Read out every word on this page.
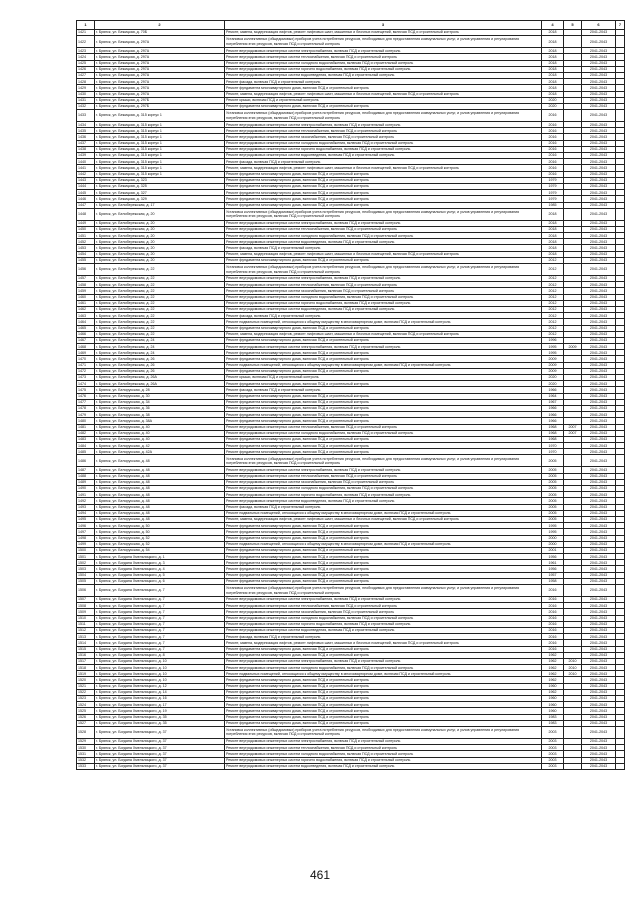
1	2	3	4	5	6	7
1421	г. Брянск, ул. Бежицкая, д. 70Б	Ремонт, замена, модернизация лифтов, ремонт лифтовых шахт, машинных и блочных помещений, включая ПСД и строительный контроль	2018		2041-2043	
1422	г. Брянск, ул. Бежицкая, д. 297А	Установка коллективных (общедомовых) приборов учета потребления ресурсов, необходимых для предоставления коммунальных услуг, и узлов управления и регулирования потребления этих ресурсов, включая ПСД и строительный контроль	2018		2041-2043	
1423	г. Брянск, ул. Бежицкая, д. 297А	Ремонт внутридомовых инженерных систем электроснабжения, включая ПСД и строительный контроль	2018		2041-2043	
1424	г. Брянск, ул. Бежицкая, д. 297А	Ремонт внутридомовых инженерных систем теплоснабжения, включая ПСД и строительный контроль	2018		2041-2043	
1425	г. Брянск, ул. Бежицкая, д. 297А	Ремонт внутридомовых инженерных систем холодного водоснабжения, включая ПСД и строительный контроль	2018		2041-2043	
1426	г. Брянск, ул. Бежицкая, д. 297А	Ремонт внутридомовых инженерных систем горячего водоснабжения, включая ПСД и строительный контроль	2018		2041-2043	
1427	г. Брянск, ул. Бежицкая, д. 297А	Ремонт внутридомовых инженерных систем водоотведения, включая ПСД и строительный контроль	2018		2041-2043	
1428	г. Брянск, ул. Бежицкая, д. 297А	Ремонт фасада, включая ПСД и строительный контроль	2018		2041-2043	
1429	г. Брянск, ул. Бежицкая, д. 297А	Ремонт фундамента многоквартирного дома, включая ПСД и строительный контроль	2018		2041-2043	
1430	г. Брянск, ул. Бежицкая, д. 297А	Ремонт, замена, модернизация лифтов, ремонт лифтовых шахт, машинных и блочных помещений, включая ПСД и строительный контроль	2018		2041-2043	
1431	г. Брянск, ул. Бежицкая, д. 297Б	Ремонт крыши, включая ПСД и строительный контроль	2020		2041-2043	
1432	г. Брянск, ул. Бежицкая, д. 297Б	Ремонт фундамента многоквартирного дома, включая ПСД и строительный контроль	2020		2041-2043	
1433	г. Брянск, ул. Бежицкая, д. 315 корпус 1	Установка коллективных (общедомовых) приборов учета потребления ресурсов, необходимых для предоставления коммунальных услуг, и узлов управления и регулирования потребления этих ресурсов, включая ПСД и строительный контроль	2016		2041-2043	
1434	г. Брянск, ул. Бежицкая, д. 315 корпус 1	Ремонт внутридомовых инженерных систем электроснабжения, включая ПСД и строительный контроль	2016		2041-2043	
1435	г. Брянск, ул. Бежицкая, д. 315 корпус 1	Ремонт внутридомовых инженерных систем теплоснабжения, включая ПСД и строительный контроль	2016		2041-2043	
1436	г. Брянск, ул. Бежицкая, д. 315 корпус 1	Ремонт внутридомовых инженерных систем газоснабжения, включая ПСД и строительный контроль	2016		2041-2043	
1437	г. Брянск, ул. Бежицкая, д. 315 корпус 1	Ремонт внутридомовых инженерных систем холодного водоснабжения, включая ПСД и строительный контроль	2016		2041-2043	
1438	г. Брянск, ул. Бежицкая, д. 315 корпус 1	Ремонт внутридомовых инженерных систем горячего водоснабжения, включая ПСД и строительный контроль	2016		2041-2043	
1439	г. Брянск, ул. Бежицкая, д. 315 корпус 1	Ремонт внутридомовых инженерных систем водоотведения, включая ПСД и строительный контроль	2016		2041-2043	
1440	г. Брянск, ул. Бежицкая, д. 315 корпус 1	Ремонт фасада, включая ПСД и строительный контроль	2016		2041-2043	
1441	г. Брянск, ул. Бежицкая, д. 315 корпус 1	Ремонт, замена, модернизация лифтов, ремонт лифтовых шахт, машинных и блочных помещений, включая ПСД и строительный контроль	2016		2041-2043	
1442	г. Брянск, ул. Бежицкая, д. 315 корпус 1	Ремонт фундамента многоквартирного дома, включая ПСД и строительный контроль	2016		2041-2043	
1443	г. Брянск, ул. Бежицкая, д. 323	Ремонт фундамента многоквартирного дома, включая ПСД и строительный контроль	1979		2041-2043	
1444	г. Брянск, ул. Бежицкая, д. 325	Ремонт фундамента многоквартирного дома, включая ПСД и строительный контроль	1979		2041-2043	
1445	г. Брянск, ул. Бежицкая, д. 327	Ремонт фундамента многоквартирного дома, включая ПСД и строительный контроль	1979		2041-2043	
1446	г. Брянск, ул. Бежицкая, д. 329	Ремонт фундамента многоквартирного дома, включая ПСД и строительный контроль	1979		2041-2043	
1447	г. Брянск, ул. Белобережская, д. 17	Ремонт фундамента многоквартирного дома, включая ПСД и строительный контроль	1985		2041-2043	
1448	г. Брянск, ул. Белобережская, д. 20	Установка коллективных (общедомовых) приборов учета потребления ресурсов, необходимых для предоставления коммунальных услуг, и узлов управления и регулирования потребления этих ресурсов, включая ПСД и строительный контроль	2018		2041-2043	
1449	г. Брянск, ул. Белобережская, д. 20	Ремонт внутридомовых инженерных систем электроснабжения, включая ПСД и строительный контроль	2018		2041-2043	
1450	г. Брянск, ул. Белобережская, д. 20	Ремонт внутридомовых инженерных систем теплоснабжения, включая ПСД и строительный контроль	2018		2041-2043	
1451	г. Брянск, ул. Белобережская, д. 20	Ремонт внутридомовых инженерных систем холодного водоснабжения, включая ПСД и строительный контроль	2018		2041-2043	
1452	г. Брянск, ул. Белобережская, д. 20	Ремонт внутридомовых инженерных систем водоотведения, включая ПСД и строительный контроль	2018		2041-2043	
1453	г. Брянск, ул. Белобережская, д. 20	Ремонт фасада, включая ПСД и строительный контроль	2018		2041-2043	
1454	г. Брянск, ул. Белобережская, д. 20	Ремонт, замена, модернизация лифтов, ремонт лифтовых шахт, машинных и блочных помещений, включая ПСД и строительный контроль	2018		2041-2043	
1455	г. Брянск, ул. Белобережская, д. 20	Ремонт фундамента многоквартирного дома, включая ПСД и строительный контроль	2012		2041-2043	
1456	г. Брянск, ул. Белобережская, д. 22	Установка коллективных (общедомовых) приборов учета потребления ресурсов, необходимых для предоставления коммунальных услуг, и узлов управления и регулирования потребления этих ресурсов, включая ПСД и строительный контроль	2012		2041-2043	
1457	г. Брянск, ул. Белобережская, д. 22	Ремонт внутридомовых инженерных систем электроснабжения, включая ПСД и строительный контроль	2012		2041-2043	
1458	г. Брянск, ул. Белобережская, д. 22	Ремонт внутридомовых инженерных систем теплоснабжения, включая ПСД и строительный контроль	2012		2041-2043	
1459	г. Брянск, ул. Белобережская, д. 22	Ремонт внутридомовых инженерных систем газоснабжения, включая ПСД и строительный контроль	2012		2041-2043	
1460	г. Брянск, ул. Белобережская, д. 22	Ремонт внутридомовых инженерных систем холодного водоснабжения, включая ПСД и строительный контроль	2012		2041-2043	
1461	г. Брянск, ул. Белобережская, д. 22	Ремонт внутридомовых инженерных систем горячего водоснабжения, включая ПСД и строительный контроль	2012		2041-2043	
1462	г. Брянск, ул. Белобережская, д. 22	Ремонт внутридомовых инженерных систем водоотведения, включая ПСД и строительный контроль	2012		2041-2043	
1463	г. Брянск, ул. Белобережская, д. 22	Ремонт фасада, включая ПСД и строительный контроль	2012		2041-2043	
1464	г. Брянск, ул. Белобережская, д. 22	Ремонт подвальных помещений, относящихся к общему имуществу в многоквартирном доме, включая ПСД и строительный контроль	2012		2041-2043	
1465	г. Брянск, ул. Белобережская, д. 22	Ремонт фундамента многоквартирного дома, включая ПСД и строительный контроль	2012		2041-2043	
1466	г. Брянск, ул. Белобережская, д. 22	Ремонт, замена, модернизация лифтов, ремонт лифтовых шахт, машинных и блочных помещений, включая ПСД и строительный контроль	2012		2041-2043	
1467	г. Брянск, ул. Белобережская, д. 24	Ремонт фундамента многоквартирного дома, включая ПСД и строительный контроль	1996		2041-2043	
1468	г. Брянск, ул. Белобережская, д. 24	Ремонт внутридомовых инженерных систем электроснабжения, включая ПСД и строительный контроль	1995	2009	2041-2043	
1469	г. Брянск, ул. Белобережская, д. 24	Ремонт фундамента многоквартирного дома, включая ПСД и строительный контроль	1995		2041-2043	
1470	г. Брянск, ул. Белобережская, д. 26	Ремонт фундамента многоквартирного дома, включая ПСД и строительный контроль	2009		2041-2043	
1471	г. Брянск, ул. Белобережская, д. 26	Ремонт подвальных помещений, относящихся к общему имуществу в многоквартирном доме, включая ПСД и строительный контроль	2009		2041-2043	
1472	г. Брянск, ул. Белобережская, д. 26	Ремонт фундамента многоквартирного дома, включая ПСД и строительный контроль	2009		2041-2043	
1473	г. Брянск, ул. Белобережская, д. 26А	Ремонт крыши, включая ПСД и строительный контроль	2020		2041-2043	
1474	г. Брянск, ул. Белобережская, д. 26А	Ремонт фундамента многоквартирного дома, включая ПСД и строительный контроль	2020		2041-2043	
1475	г. Брянск, ул. Белорусская, д. 28	Ремонт фасада, включая ПСД и строительный контроль	1966		2041-2043	
1476	г. Брянск, ул. Белорусская, д. 30	Ремонт фундамента многоквартирного дома, включая ПСД и строительный контроль	1964		2041-2043	
1477	г. Брянск, ул. Белорусская, д. 34	Ремонт фундамента многоквартирного дома, включая ПСД и строительный контроль	1967		2041-2043	
1478	г. Брянск, ул. Белорусская, д. 36	Ремонт фундамента многоквартирного дома, включая ПСД и строительный контроль	1966		2041-2043	
1479	г. Брянск, ул. Белорусская, д. 38	Ремонт фундамента многоквартирного дома, включая ПСД и строительный контроль	1966		2041-2043	
1480	г. Брянск, ул. Белорусская, д. 38А	Ремонт фундамента многоквартирного дома, включая ПСД и строительный контроль	1966		2041-2043	
1481	г. Брянск, ул. Белорусская, д. 40	Ремонт внутридомовых инженерных систем теплоснабжения, включая ПСД и строительный контроль	1968	2007	2041-2043	
1482	г. Брянск, ул. Белорусская, д. 40	Ремонт внутридомовых инженерных систем холодного водоснабжения, включая ПСД и строительный контроль	1968	2007	2041-2043	
1483	г. Брянск, ул. Белорусская, д. 40	Ремонт фундамента многоквартирного дома, включая ПСД и строительный контроль	1968		2041-2043	
1484	г. Брянск, ул. Белорусская, д. 42	Ремонт фундамента многоквартирного дома, включая ПСД и строительный контроль	1970		2041-2043	
1485	г. Брянск, ул. Белорусская, д. 42А	Ремонт фундамента многоквартирного дома, включая ПСД и строительный контроль	1970		2041-2043	
1486	г. Брянск, ул. Белорусская, д. 48	Установка коллективных (общедомовых) приборов учета потребления ресурсов, необходимых для предоставления коммунальных услуг, и узлов управления и регулирования потребления этих ресурсов, включая ПСД и строительный контроль	2005		2041-2043	
1487	г. Брянск, ул. Белорусская, д. 48	Ремонт внутридомовых инженерных систем электроснабжения, включая ПСД и строительный контроль	2005		2041-2043	
1488	г. Брянск, ул. Белорусская, д. 48	Ремонт внутридомовых инженерных систем теплоснабжения, включая ПСД и строительный контроль	2005		2041-2043	
1489	г. Брянск, ул. Белорусская, д. 48	Ремонт внутридомовых инженерных систем газоснабжения, включая ПСД и строительный контроль	2005		2041-2043	
1490	г. Брянск, ул. Белорусская, д. 48	Ремонт внутридомовых инженерных систем холодного водоснабжения, включая ПСД и строительный контроль	2005		2041-2043	
1491	г. Брянск, ул. Белорусская, д. 48	Ремонт внутридомовых инженерных систем горячего водоснабжения, включая ПСД и строительный контроль	2005		2041-2043	
1492	г. Брянск, ул. Белорусская, д. 48	Ремонт внутридомовых инженерных систем водоотведения, включая ПСД и строительный контроль	2005		2041-2043	
1493	г. Брянск, ул. Белорусская, д. 48	Ремонт фасада, включая ПСД и строительный контроль	2005		2041-2043	
1494	г. Брянск, ул. Белорусская, д. 48	Ремонт подвальных помещений, относящихся к общему имуществу в многоквартирном доме, включая ПСД и строительный контроль	2005		2041-2043	
1495	г. Брянск, ул. Белорусская, д. 48	Ремонт, замена, модернизация лифтов, ремонт лифтовых шахт, машинных и блочных помещений, включая ПСД и строительный контроль	2005		2041-2043	
1496	г. Брянск, ул. Белорусская, д. 50	Ремонт фундамента многоквартирного дома, включая ПСД и строительный контроль	1995		2041-2043	
1497	г. Брянск, ул. Белорусская, д. 50	Ремонт фундамента многоквартирного дома, включая ПСД и строительный контроль	1995		2041-2043	
1498	г. Брянск, ул. Белорусская, д. 52	Ремонт фундамента многоквартирного дома, включая ПСД и строительный контроль	2000		2041-2043	
1499	г. Брянск, ул. Белорусская, д. 52	Ремонт подвальных помещений, относящихся к общему имуществу в многоквартирном доме, включая ПСД и строительный контроль	2000		2041-2043	
1500	г. Брянск, ул. Белорусская, д. 54	Ремонт фундамента многоквартирного дома, включая ПСД и строительный контроль	2001		2041-2043	
1501	г. Брянск, ул. Богдана Хмельницкого, д. 1	Ремонт фундамента многоквартирного дома, включая ПСД и строительный контроль	1956		2041-2043	
1502	г. Брянск, ул. Богдана Хмельницкого, д. 3	Ремонт фундамента многоквартирного дома, включая ПСД и строительный контроль	1961		2041-2043	
1503	г. Брянск, ул. Богдана Хмельницкого, д. 4	Ремонт фундамента многоквартирного дома, включая ПСД и строительный контроль	1956		2041-2043	
1504	г. Брянск, ул. Богдана Хмельницкого, д. 5	Ремонт фундамента многоквартирного дома, включая ПСД и строительный контроль	1957		2041-2043	
1505	г. Брянск, ул. Богдана Хмельницкого, д. 6	Ремонт фундамента многоквартирного дома, включая ПСД и строительный контроль	1958		2041-2043	
1506	г. Брянск, ул. Богдана Хмельницкого, д. 7	Установка коллективных (общедомовых) приборов учета потребления ресурсов, необходимых для предоставления коммунальных услуг, и узлов управления и регулирования потребления этих ресурсов, включая ПСД и строительный контроль	2016		2041-2043	
1507	г. Брянск, ул. Богдана Хмельницкого, д. 7	Ремонт внутридомовых инженерных систем электроснабжения, включая ПСД и строительный контроль	2016		2041-2043	
1508	г. Брянск, ул. Богдана Хмельницкого, д. 7	Ремонт внутридомовых инженерных систем теплоснабжения, включая ПСД и строительный контроль	2016		2041-2043	
1509	г. Брянск, ул. Богдана Хмельницкого, д. 7	Ремонт внутридомовых инженерных систем газоснабжения, включая ПСД и строительный контроль	2016		2041-2043	
1510	г. Брянск, ул. Богдана Хмельницкого, д. 7	Ремонт внутридомовых инженерных систем холодного водоснабжения, включая ПСД и строительный контроль	2016		2041-2043	
1511	г. Брянск, ул. Богдана Хмельницкого, д. 7	Ремонт внутридомовых инженерных систем горячего водоснабжения, включая ПСД и строительный контроль	2016		2041-2043	
1512	г. Брянск, ул. Богдана Хмельницкого, д. 7	Ремонт внутридомовых инженерных систем водоотведения, включая ПСД и строительный контроль	2016		2041-2043	
1513	г. Брянск, ул. Богдана Хмельницкого, д. 7	Ремонт фасада, включая ПСД и строительный контроль	2016		2041-2043	
1514	г. Брянск, ул. Богдана Хмельницкого, д. 7	Ремонт, замена, модернизация лифтов, ремонт лифтовых шахт, машинных и блочных помещений, включая ПСД и строительный контроль	2016		2041-2043	
1515	г. Брянск, ул. Богдана Хмельницкого, д. 7	Ремонт фундамента многоквартирного дома, включая ПСД и строительный контроль	2016		2041-2043	
1516	г. Брянск, ул. Богдана Хмельницкого, д. 8	Ремонт фундамента многоквартирного дома, включая ПСД и строительный контроль	1962		2041-2043	
1517	г. Брянск, ул. Богдана Хмельницкого, д. 10	Ремонт внутридомовых инженерных систем электроснабжения, включая ПСД и строительный контроль	1962	2010	2041-2043	
1518	г. Брянск, ул. Богдана Хмельницкого, д. 10	Ремонт внутридомовых инженерных систем холодного водоснабжения, включая ПСД и строительный контроль	1962	2010	2041-2043	
1519	г. Брянск, ул. Богдана Хмельницкого, д. 10	Ремонт подвальных помещений, относящихся к общему имуществу в многоквартирном доме, включая ПСД и строительный контроль	1962	2010	2041-2043	
1520	г. Брянск, ул. Богдана Хмельницкого, д. 10	Ремонт фундамента многоквартирного дома, включая ПСД и строительный контроль	1962		2041-2043	
1521	г. Брянск, ул. Богдана Хмельницкого, д. 12	Ремонт фундамента многоквартирного дома, включая ПСД и строительный контроль	1960		2041-2043	
1522	г. Брянск, ул. Богдана Хмельницкого, д. 14	Ремонт фундамента многоквартирного дома, включая ПСД и строительный контроль	1962		2041-2043	
1523	г. Брянск, ул. Богдана Хмельницкого, д. 16	Ремонт фундамента многоквартирного дома, включая ПСД и строительный контроль	1960		2041-2043	
1524	г. Брянск, ул. Богдана Хмельницкого, д. 17	Ремонт фундамента многоквартирного дома, включая ПСД и строительный контроль	1960		2041-2043	
1525	г. Брянск, ул. Богдана Хмельницкого, д. 19	Ремонт фундамента многоквартирного дома, включая ПСД и строительный контроль	1960		2041-2043	
1526	г. Брянск, ул. Богдана Хмельницкого, д. 35	Ремонт фундамента многоквартирного дома, включая ПСД и строительный контроль	1983		2041-2043	
1527	г. Брянск, ул. Богдана Хмельницкого, д. 35	Ремонт фундамента многоквартирного дома, включая ПСД и строительный контроль	1983		2041-2043	
1528	г. Брянск, ул. Богдана Хмельницкого, д. 37	Установка коллективных (общедомовых) приборов учета потребления ресурсов, необходимых для предоставления коммунальных услуг, и узлов управления и регулирования потребления этих ресурсов, включая ПСД и строительный контроль	2003		2041-2043	
1529	г. Брянск, ул. Богдана Хмельницкого, д. 37	Ремонт внутридомовых инженерных систем электроснабжения, включая ПСД и строительный контроль	2003		2041-2043	
1530	г. Брянск, ул. Богдана Хмельницкого, д. 37	Ремонт внутридомовых инженерных систем теплоснабжения, включая ПСД и строительный контроль	2003		2041-2043	
1531	г. Брянск, ул. Богдана Хмельницкого, д. 37	Ремонт внутридомовых инженерных систем холодного водоснабжения, включая ПСД и строительный контроль	2003		2041-2043	
1532	г. Брянск, ул. Богдана Хмельницкого, д. 37	Ремонт внутридомовых инженерных систем горячего водоснабжения, включая ПСД и строительный контроль	2003		2041-2043	
1533	г. Брянск, ул. Богдана Хмельницкого, д. 37	Ремонт внутридомовых инженерных систем водоотведения, включая ПСД и строительный контроль	2003		2041-2043	
461
